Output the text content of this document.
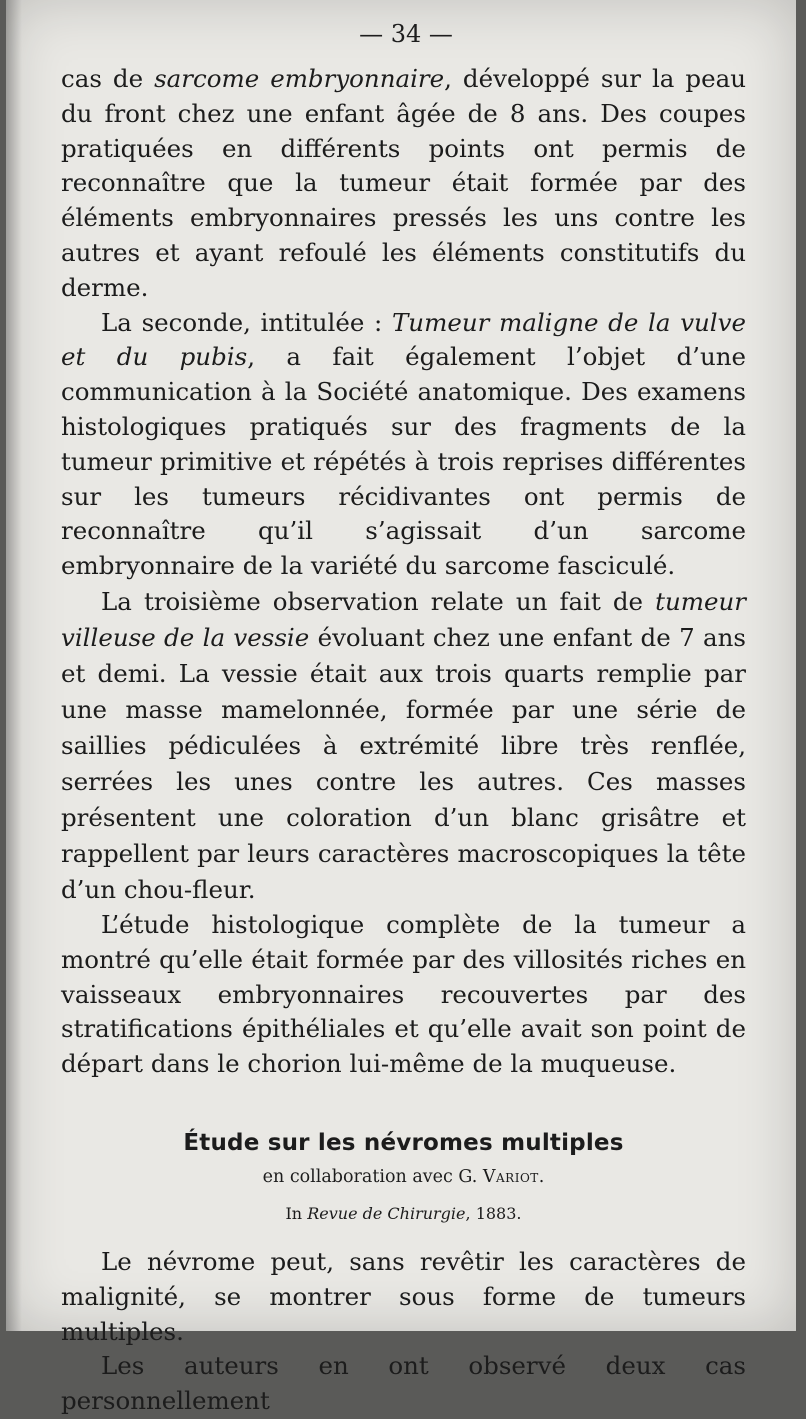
— 34 —

cas de sarcome embryonnaire, développé sur la peau du front chez une enfant âgée de 8 ans. Des coupes pratiquées en différents points ont permis de reconnaître que la tumeur était formée par des éléments embryonnaires pressés les uns contre les autres et ayant refoulé les éléments constitutifs du derme.

La seconde, intitulée : Tumeur maligne de la vulve et du pubis, a fait également l’objet d’une communication à la Société anatomique. Des examens histologiques pratiqués sur des fragments de la tumeur primitive et répétés à trois reprises différentes sur les tumeurs récidivantes ont permis de reconnaître qu’il s’agissait d’un sarcome embryonnaire de la variété du sarcome fasciculé.

La troisième observation relate un fait de tumeur villeuse de la vessie évoluant chez une enfant de 7 ans et demi. La vessie était aux trois quarts remplie par une masse mamelonnée, formée par une série de saillies pédiculées à extrémité libre très renflée, serrées les unes contre les autres. Ces masses présentent une coloration d’un blanc grisâtre et rappellent par leurs caractères macroscopiques la tête d’un chou-fleur.

L’étude histologique complète de la tumeur a montré qu’elle était formée par des villosités riches en vaisseaux embryonnaires recouvertes par des stratifications épithéliales et qu’elle avait son point de départ dans le chorion lui-même de la muqueuse.

Étude sur les névromes multiples
en collaboration avec G. Variot.
In Revue de Chirurgie, 1883.

Le névrome peut, sans revêtir les caractères de malignité, se montrer sous forme de tumeurs multiples.

Les auteurs en ont observé deux cas personnellement
